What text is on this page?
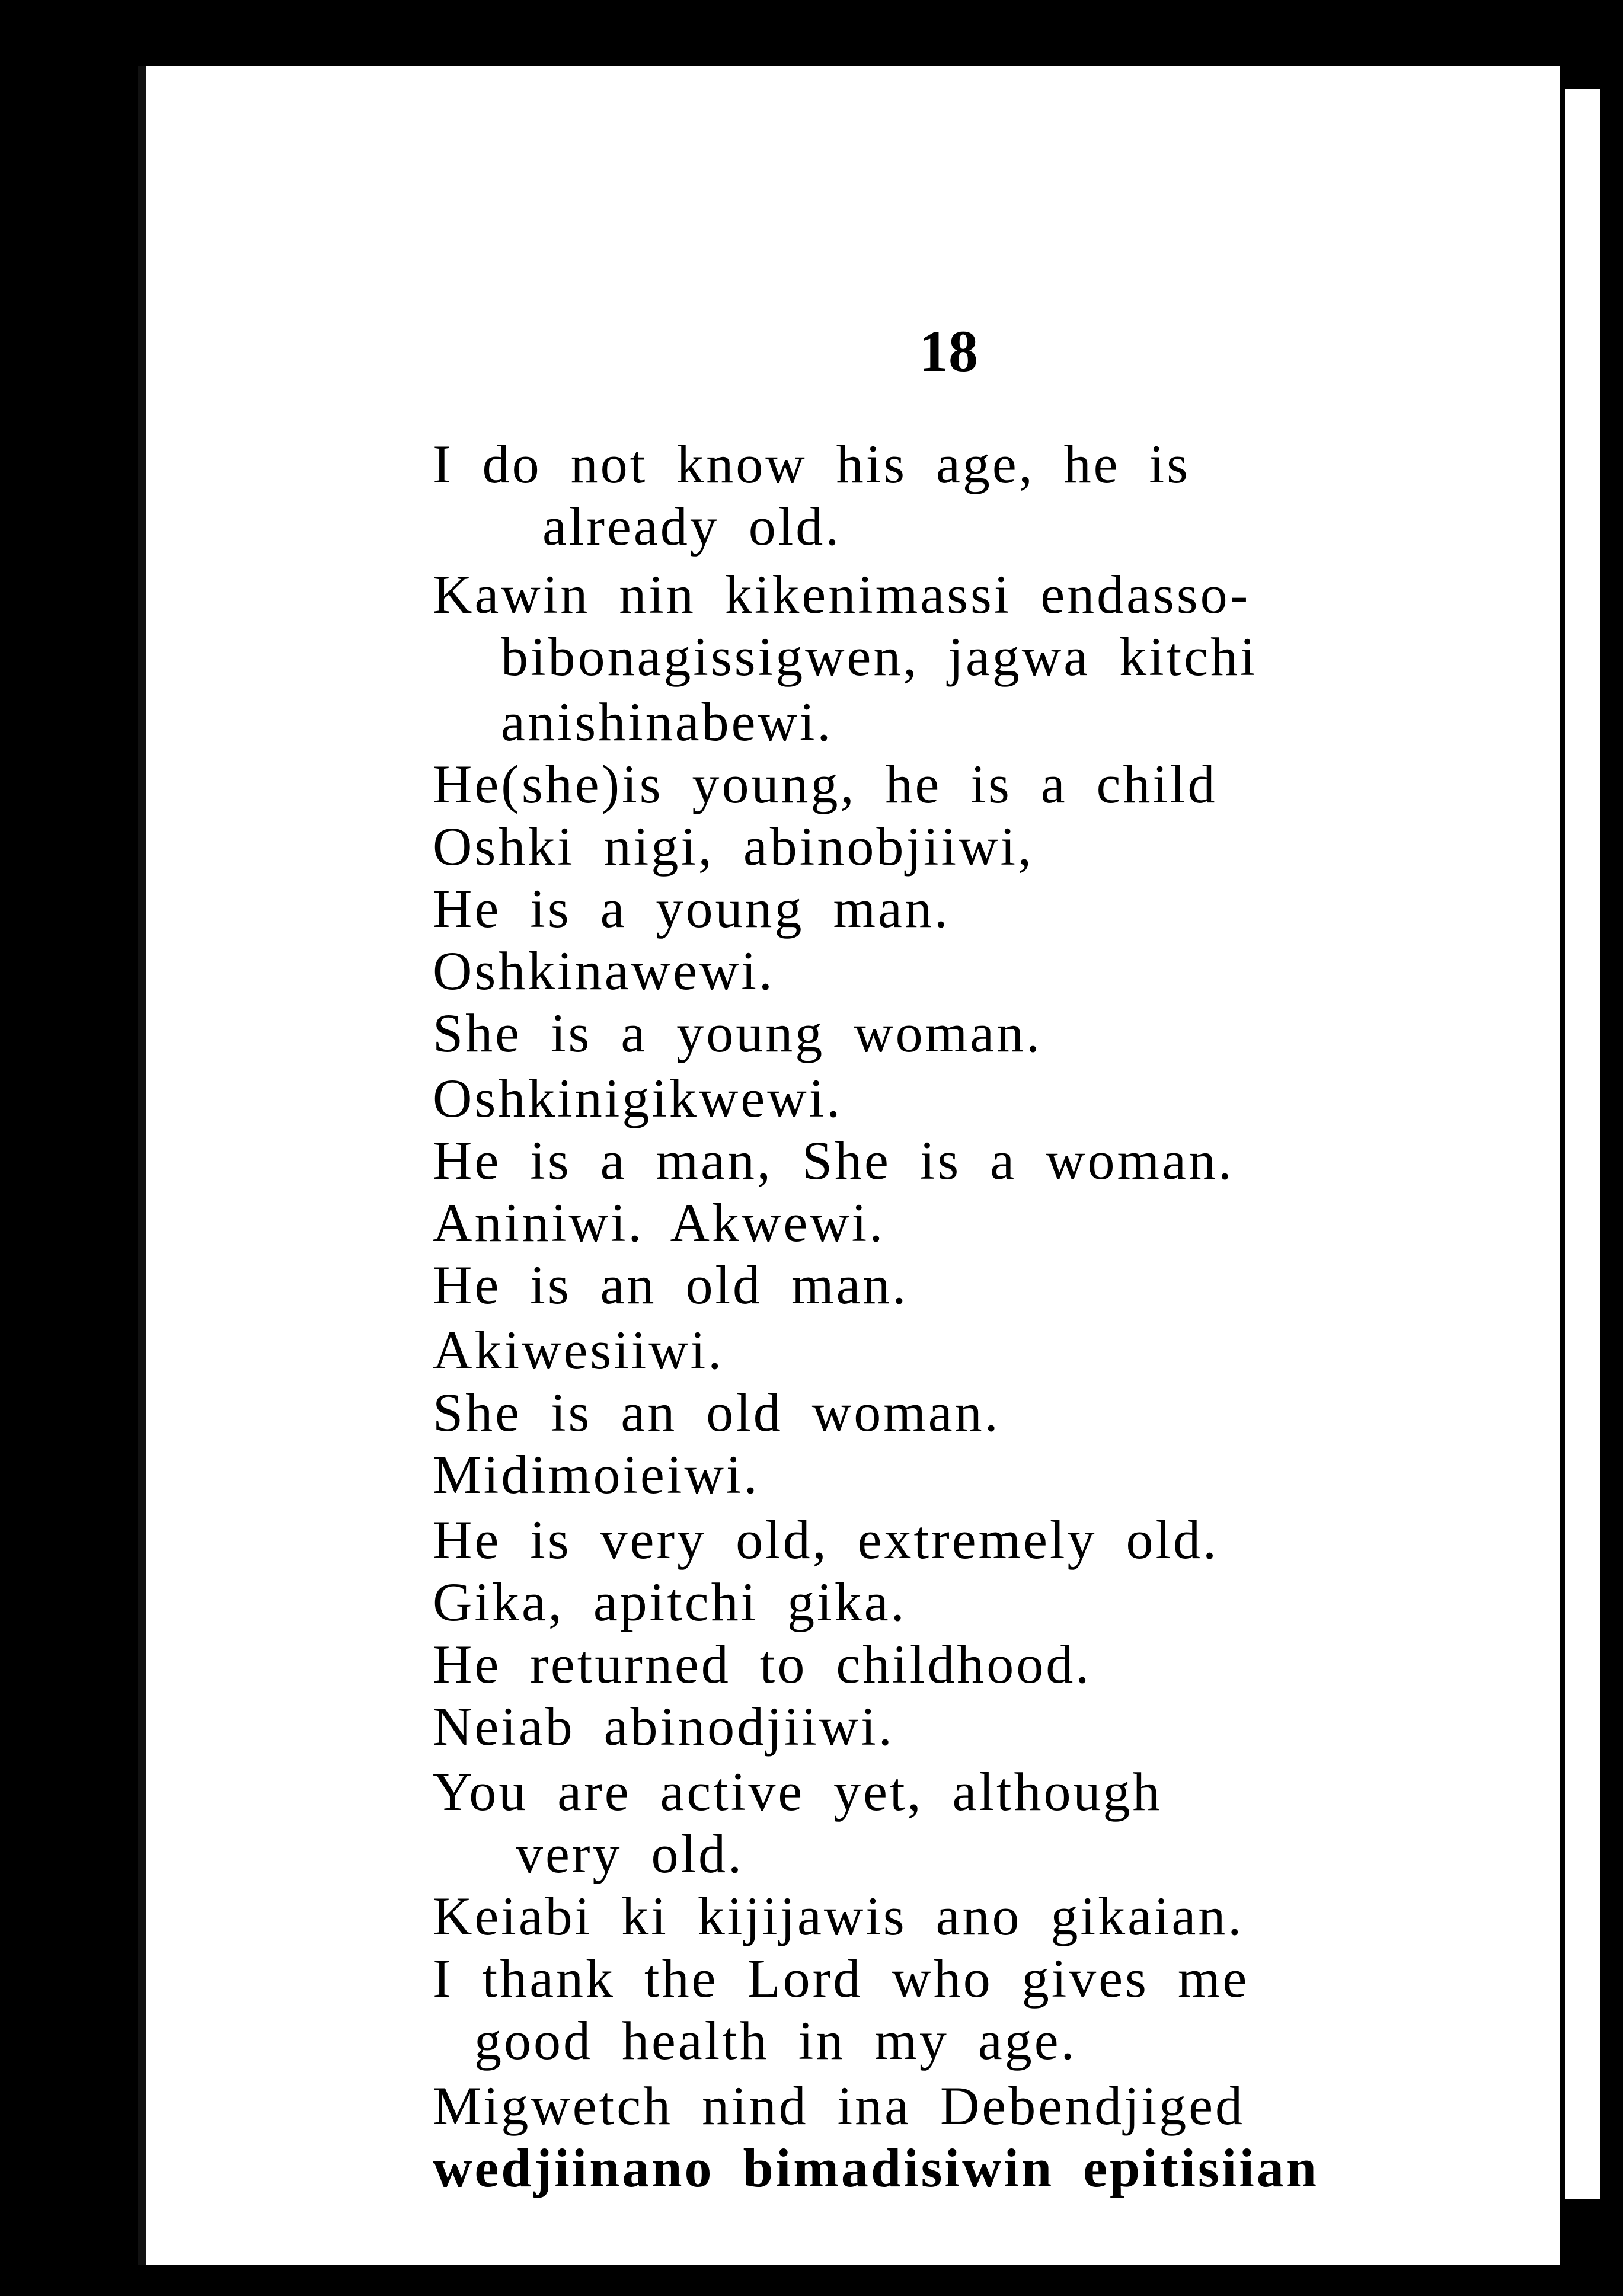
18
I do not know his age, he is
already old.
Kawin nin kikenimassi endasso-
bibonagissigwen, jagwa kitchi
anishinabewi.
He(she)is young, he is a child
Oshki nigi, abinobjiiwi,
He is a young man.
Oshkinawewi.
She is a young woman.
Oshkinigikwewi.
He is a man, She is a woman.
Aniniwi. Akwewi.
He is an old man.
Akiwesiiwi.
She is an old woman.
Midimoieiwi.
He is very old, extremely old.
Gika, apitchi gika.
He returned to childhood.
Neiab abinodjiiwi.
You are active yet, although
very old.
Keiabi ki kijijawis ano gikaian.
I thank the Lord who gives me
good health in my age.
Migwetch nind ina Debendjiged
wedjiinano bimadisiwin epitisiian
